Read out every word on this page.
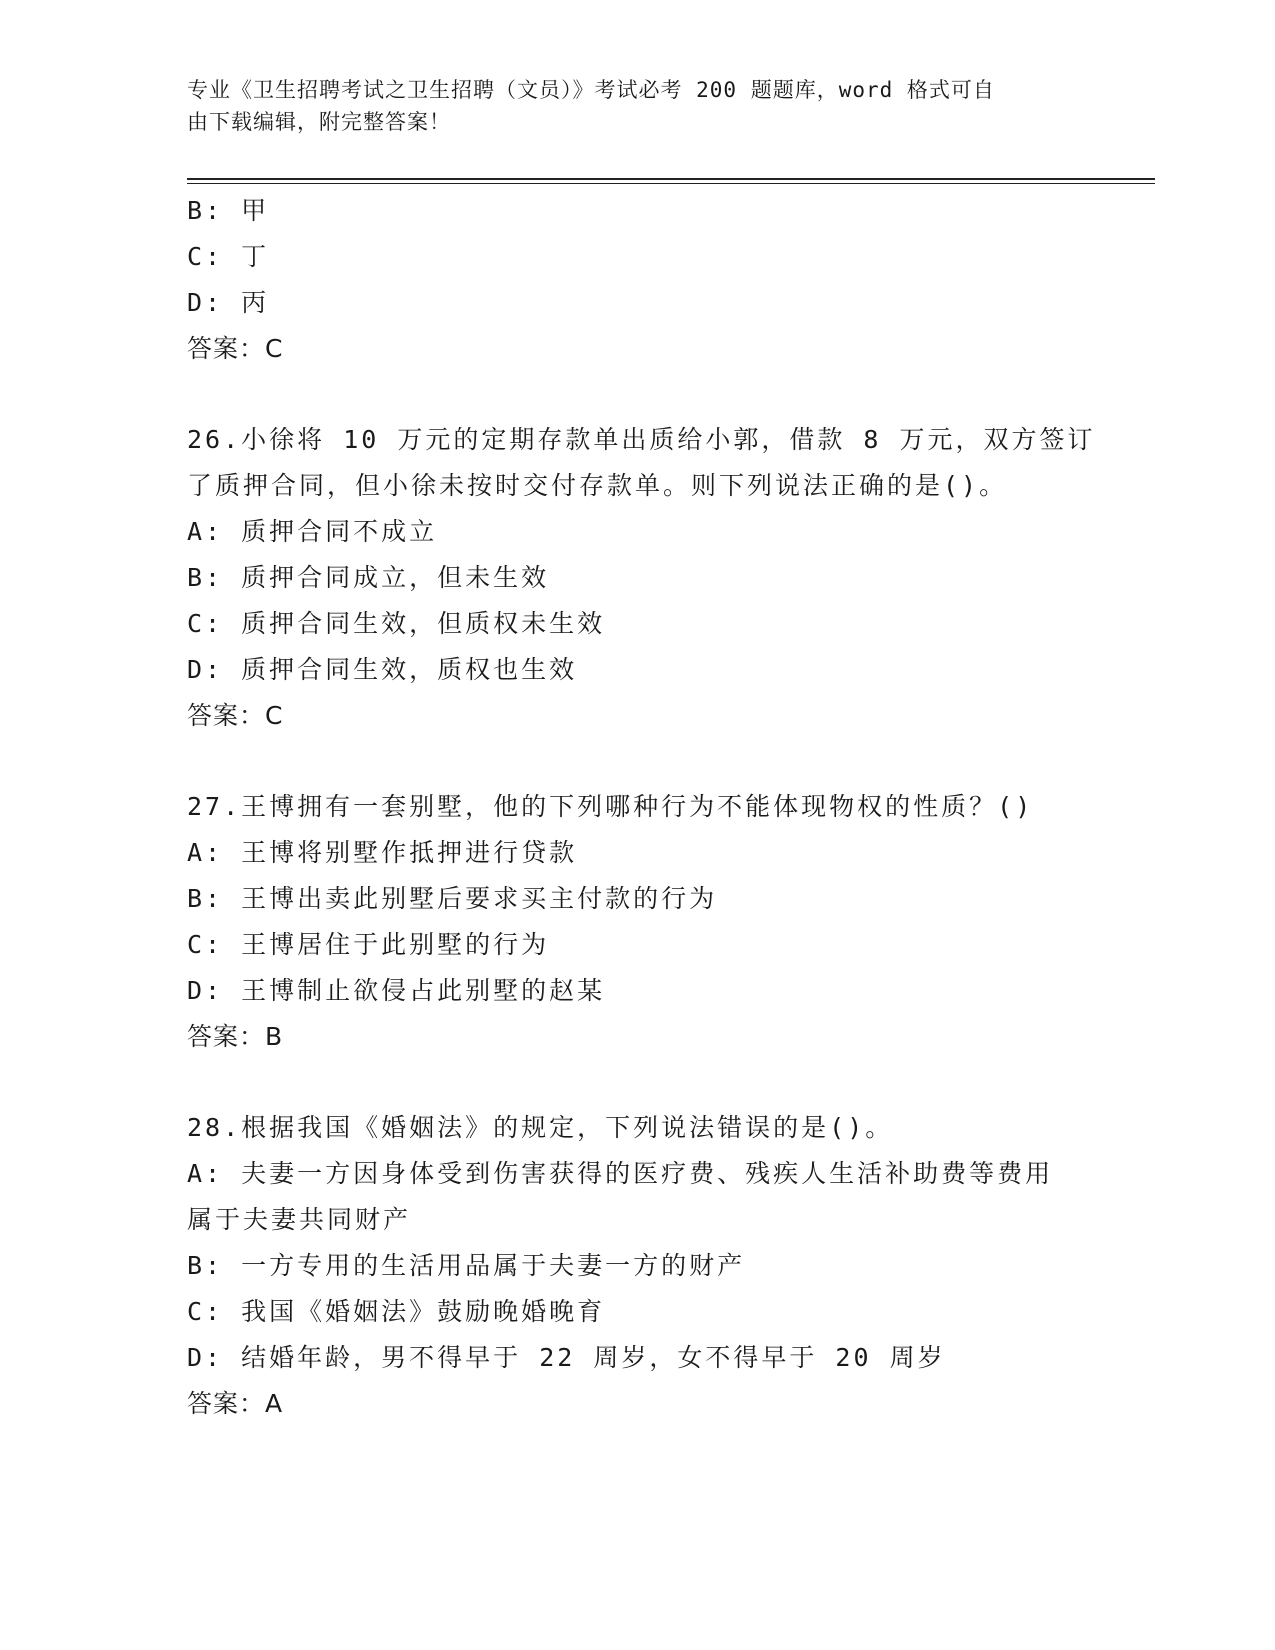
专业《卫生招聘考试之卫生招聘（文员）》考试必考 200 题题库，word 格式可自
由下载编辑，附完整答案！
B: 甲
C: 丁
D: 丙
答案：C
26.小徐将 10 万元的定期存款单出质给小郭，借款 8 万元，双方签订
了质押合同，但小徐未按时交付存款单。则下列说法正确的是()。
A: 质押合同不成立
B: 质押合同成立，但未生效
C: 质押合同生效，但质权未生效
D: 质押合同生效，质权也生效
答案：C
27.王博拥有一套别墅，他的下列哪种行为不能体现物权的性质？()
A: 王博将别墅作抵押进行贷款
B: 王博出卖此别墅后要求买主付款的行为
C: 王博居住于此别墅的行为
D: 王博制止欲侵占此别墅的赵某
答案：B
28.根据我国《婚姻法》的规定，下列说法错误的是()。
A: 夫妻一方因身体受到伤害获得的医疗费、残疾人生活补助费等费用
属于夫妻共同财产
B: 一方专用的生活用品属于夫妻一方的财产
C: 我国《婚姻法》鼓励晚婚晚育
D: 结婚年龄，男不得早于 22 周岁，女不得早于 20 周岁
答案：A
